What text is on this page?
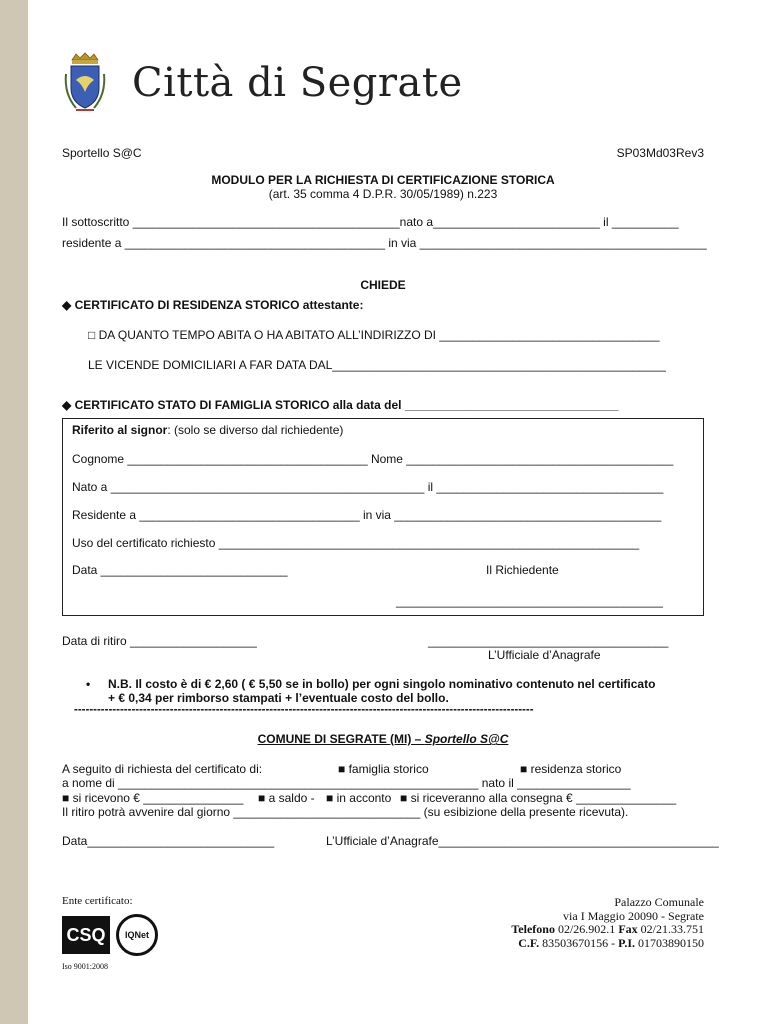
Città di Segrate
Sportello S@C	SP03Md03Rev3
MODULO PER LA RICHIESTA DI CERTIFICAZIONE STORICA
(art. 35 comma 4 D.P.R. 30/05/1989) n.223
Il sottoscritto ________________________________________nato a_________________________ il __________
residente a _______________________________________ in via ___________________________________________
CHIEDE
◆ CERTIFICATO DI RESIDENZA STORICO attestante:
□ DA QUANTO TEMPO ABITA O HA ABITATO ALL’INDIRIZZO DI _________________________________
LE VICENDE DOMICILIARI A FAR DATA DAL__________________________________________________
◆ CERTIFICATO STATO DI FAMIGLIA STORICO alla data del ________________________________
Riferito al signor: (solo se diverso dal richiedente)
Cognome ____________________________________ Nome ________________________________________
Nato a _______________________________________________ il __________________________________
Residente a _________________________________ in via ________________________________________
Uso del certificato richiesto _______________________________________________________________
Data ____________________________	Il Richiedente
________________________________________
Data di ritiro ___________________	____________________________________
L’Ufficiale d’Anagrafe
• N.B. Il costo è di € 2,60 ( € 5,50 se in bollo) per ogni singolo nominativo contenuto nel certificato
+ € 0,34 per rimborso stampati + l’eventuale costo del bollo.
------------------------------------------------------------------------------------------------------------------------
COMUNE DI SEGRATE (MI) – Sportello S@C
A seguito di richiesta del certificato di:	■ famiglia storico	■ residenza storico
a nome di ______________________________________________________ nato il _________________
■ si ricevono € _______________ ■ a saldo - ■ in acconto ■ si riceveranno alla consegna € _______________
Il ritiro potrà avvenire dal giorno ____________________________ (su esibizione della presente ricevuta).
Data____________________________	L’Ufficiale d’Anagrafe__________________________________________
Ente certificato:
CSQ	IQNet
Iso 9001:2008
Palazzo Comunale
via I Maggio 20090 - Segrate
Telefono 02/26.902.1 Fax 02/21.33.751
C.F. 83503670156 - P.I. 01703890150
